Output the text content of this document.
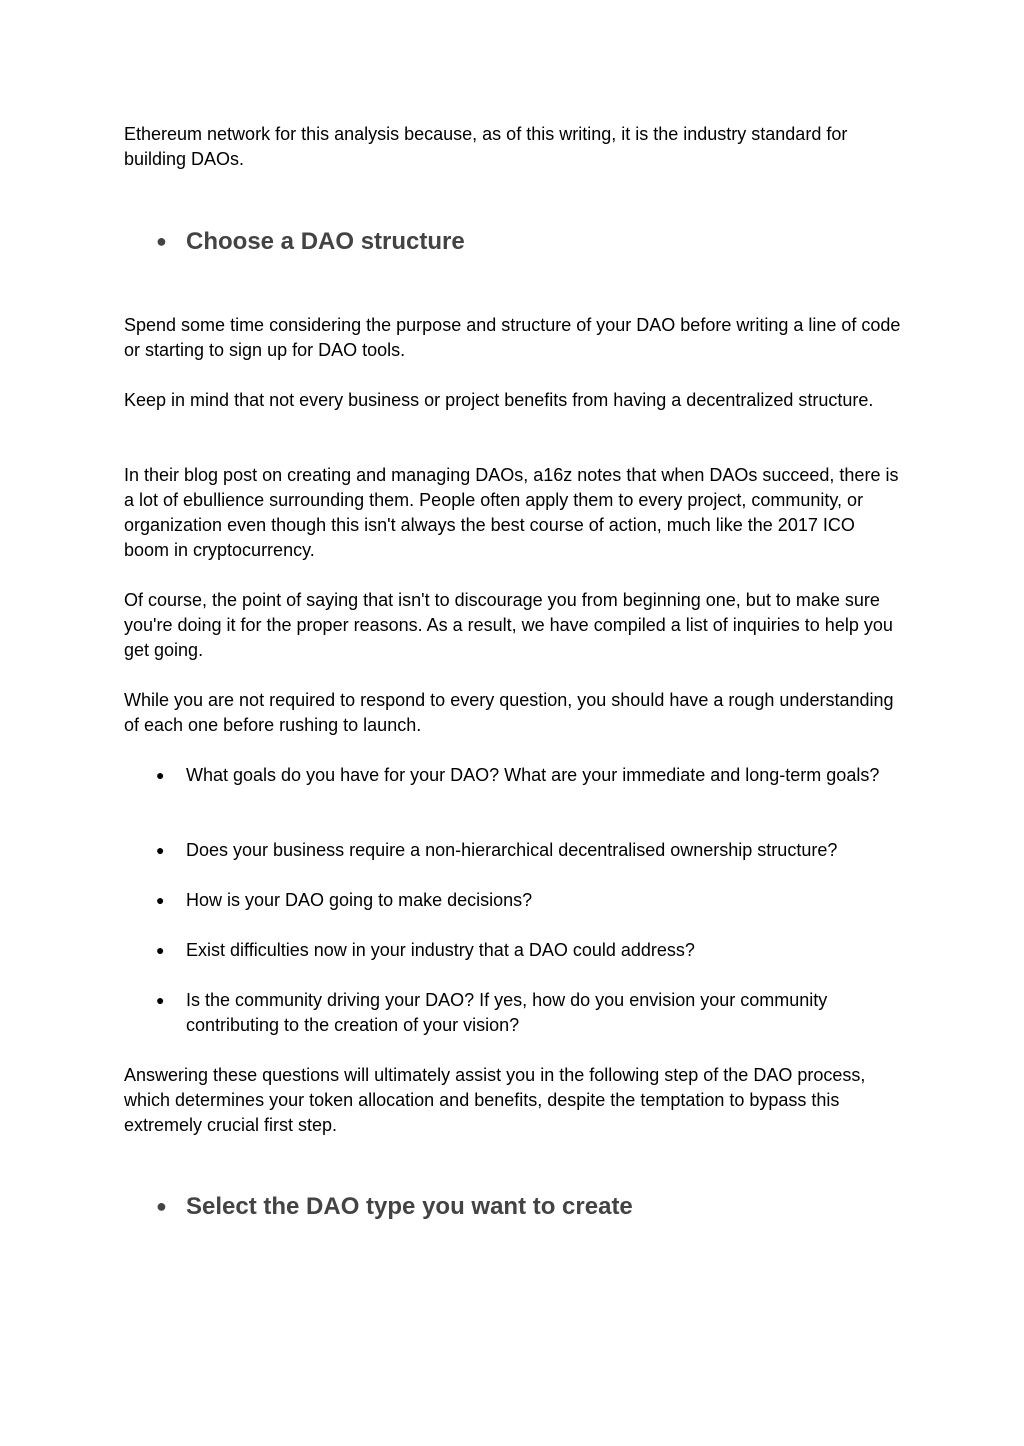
Ethereum network for this analysis because, as of this writing, it is the industry standard for building DAOs.

● Choose a DAO structure

Spend some time considering the purpose and structure of your DAO before writing a line of code or starting to sign up for DAO tools.

Keep in mind that not every business or project benefits from having a decentralized structure.

In their blog post on creating and managing DAOs, a16z notes that when DAOs succeed, there is a lot of ebullience surrounding them. People often apply them to every project, community, or organization even though this isn't always the best course of action, much like the 2017 ICO boom in cryptocurrency.

Of course, the point of saying that isn't to discourage you from beginning one, but to make sure you're doing it for the proper reasons. As a result, we have compiled a list of inquiries to help you get going.

While you are not required to respond to every question, you should have a rough understanding of each one before rushing to launch.

● What goals do you have for your DAO? What are your immediate and long-term goals?
● Does your business require a non-hierarchical decentralised ownership structure?
● How is your DAO going to make decisions?
● Exist difficulties now in your industry that a DAO could address?
● Is the community driving your DAO? If yes, how do you envision your community contributing to the creation of your vision?

Answering these questions will ultimately assist you in the following step of the DAO process, which determines your token allocation and benefits, despite the temptation to bypass this extremely crucial first step.

● Select the DAO type you want to create
